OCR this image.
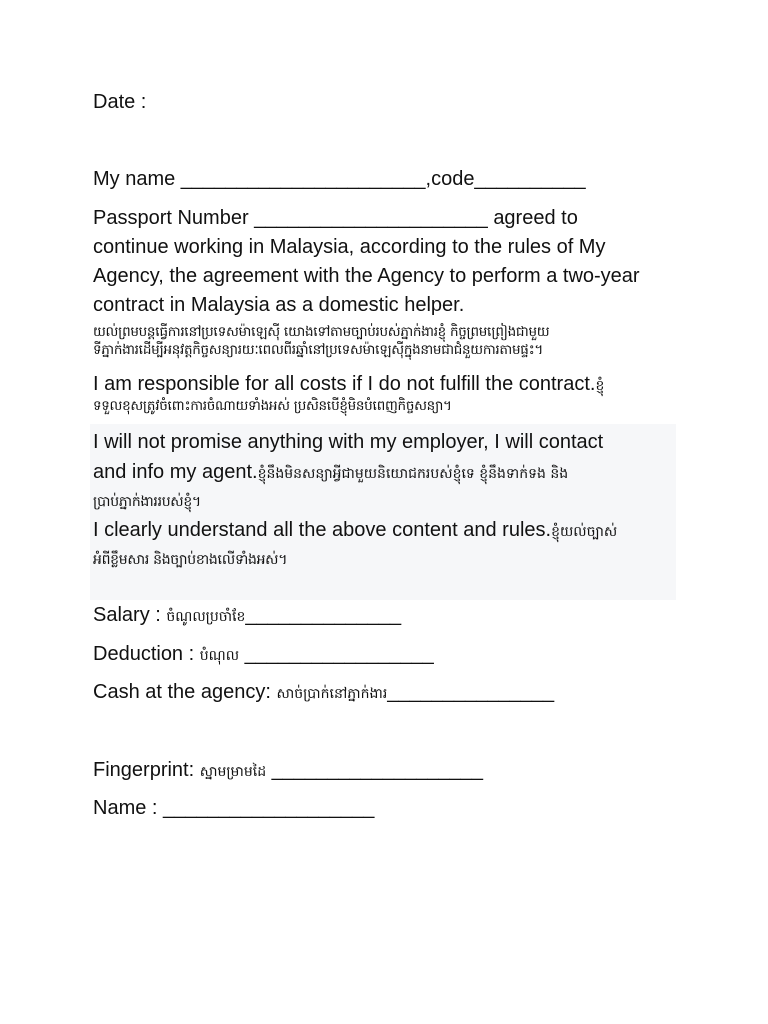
Date :
My name ______________________,code__________
Passport Number _____________________ agreed to continue working in Malaysia, according to the rules of My Agency, the agreement with the Agency to perform a two-year contract in Malaysia as a domestic helper.
យល់ព្រមបន្តធ្វើការនៅប្រទេសម៉ាឡេស៊ី យោងទៅតាមច្បាប់របស់ភ្នាក់ងារខ្ញុំ កិច្ចព្រមព្រៀងជាមួយ
ទីភ្នាក់ងារដើម្បីអនុវត្តកិច្ចសន្យារយៈពេលពីរឆ្នាំនៅប្រទេសម៉ាឡេស៊ីក្នុងនាមជាជំនួយការតាមផ្ទះ។
I am responsible for all costs if I do not fulfill the contract.ខ្ញុំ
ទទួលខុសត្រូវចំពោះការចំណាយទាំងអស់ ប្រសិនបើខ្ញុំមិនបំពេញកិច្ចសន្យា។
I will not promise anything with my employer, I will contact
and info my agent.ខ្ញុំនឹងមិនសន្យាអ្វីជាមួយនិយោជករបស់ខ្ញុំទេ ខ្ញុំនឹងទាក់ទង និង
ប្រាប់ភ្នាក់ងាររបស់ខ្ញុំ។
I clearly understand all the above content and rules.ខ្ញុំយល់ច្បាស់
អំពីខ្លឹមសារ និងច្បាប់ខាងលើទាំងអស់។
Salary : ចំណូលប្រចាំខែ______________
Deduction : បំណុល _________________
Cash at the agency: សាច់ប្រាក់នៅភ្នាក់ងារ_______________
Fingerprint: ស្នាមម្រាមដៃ ___________________
Name : ___________________
